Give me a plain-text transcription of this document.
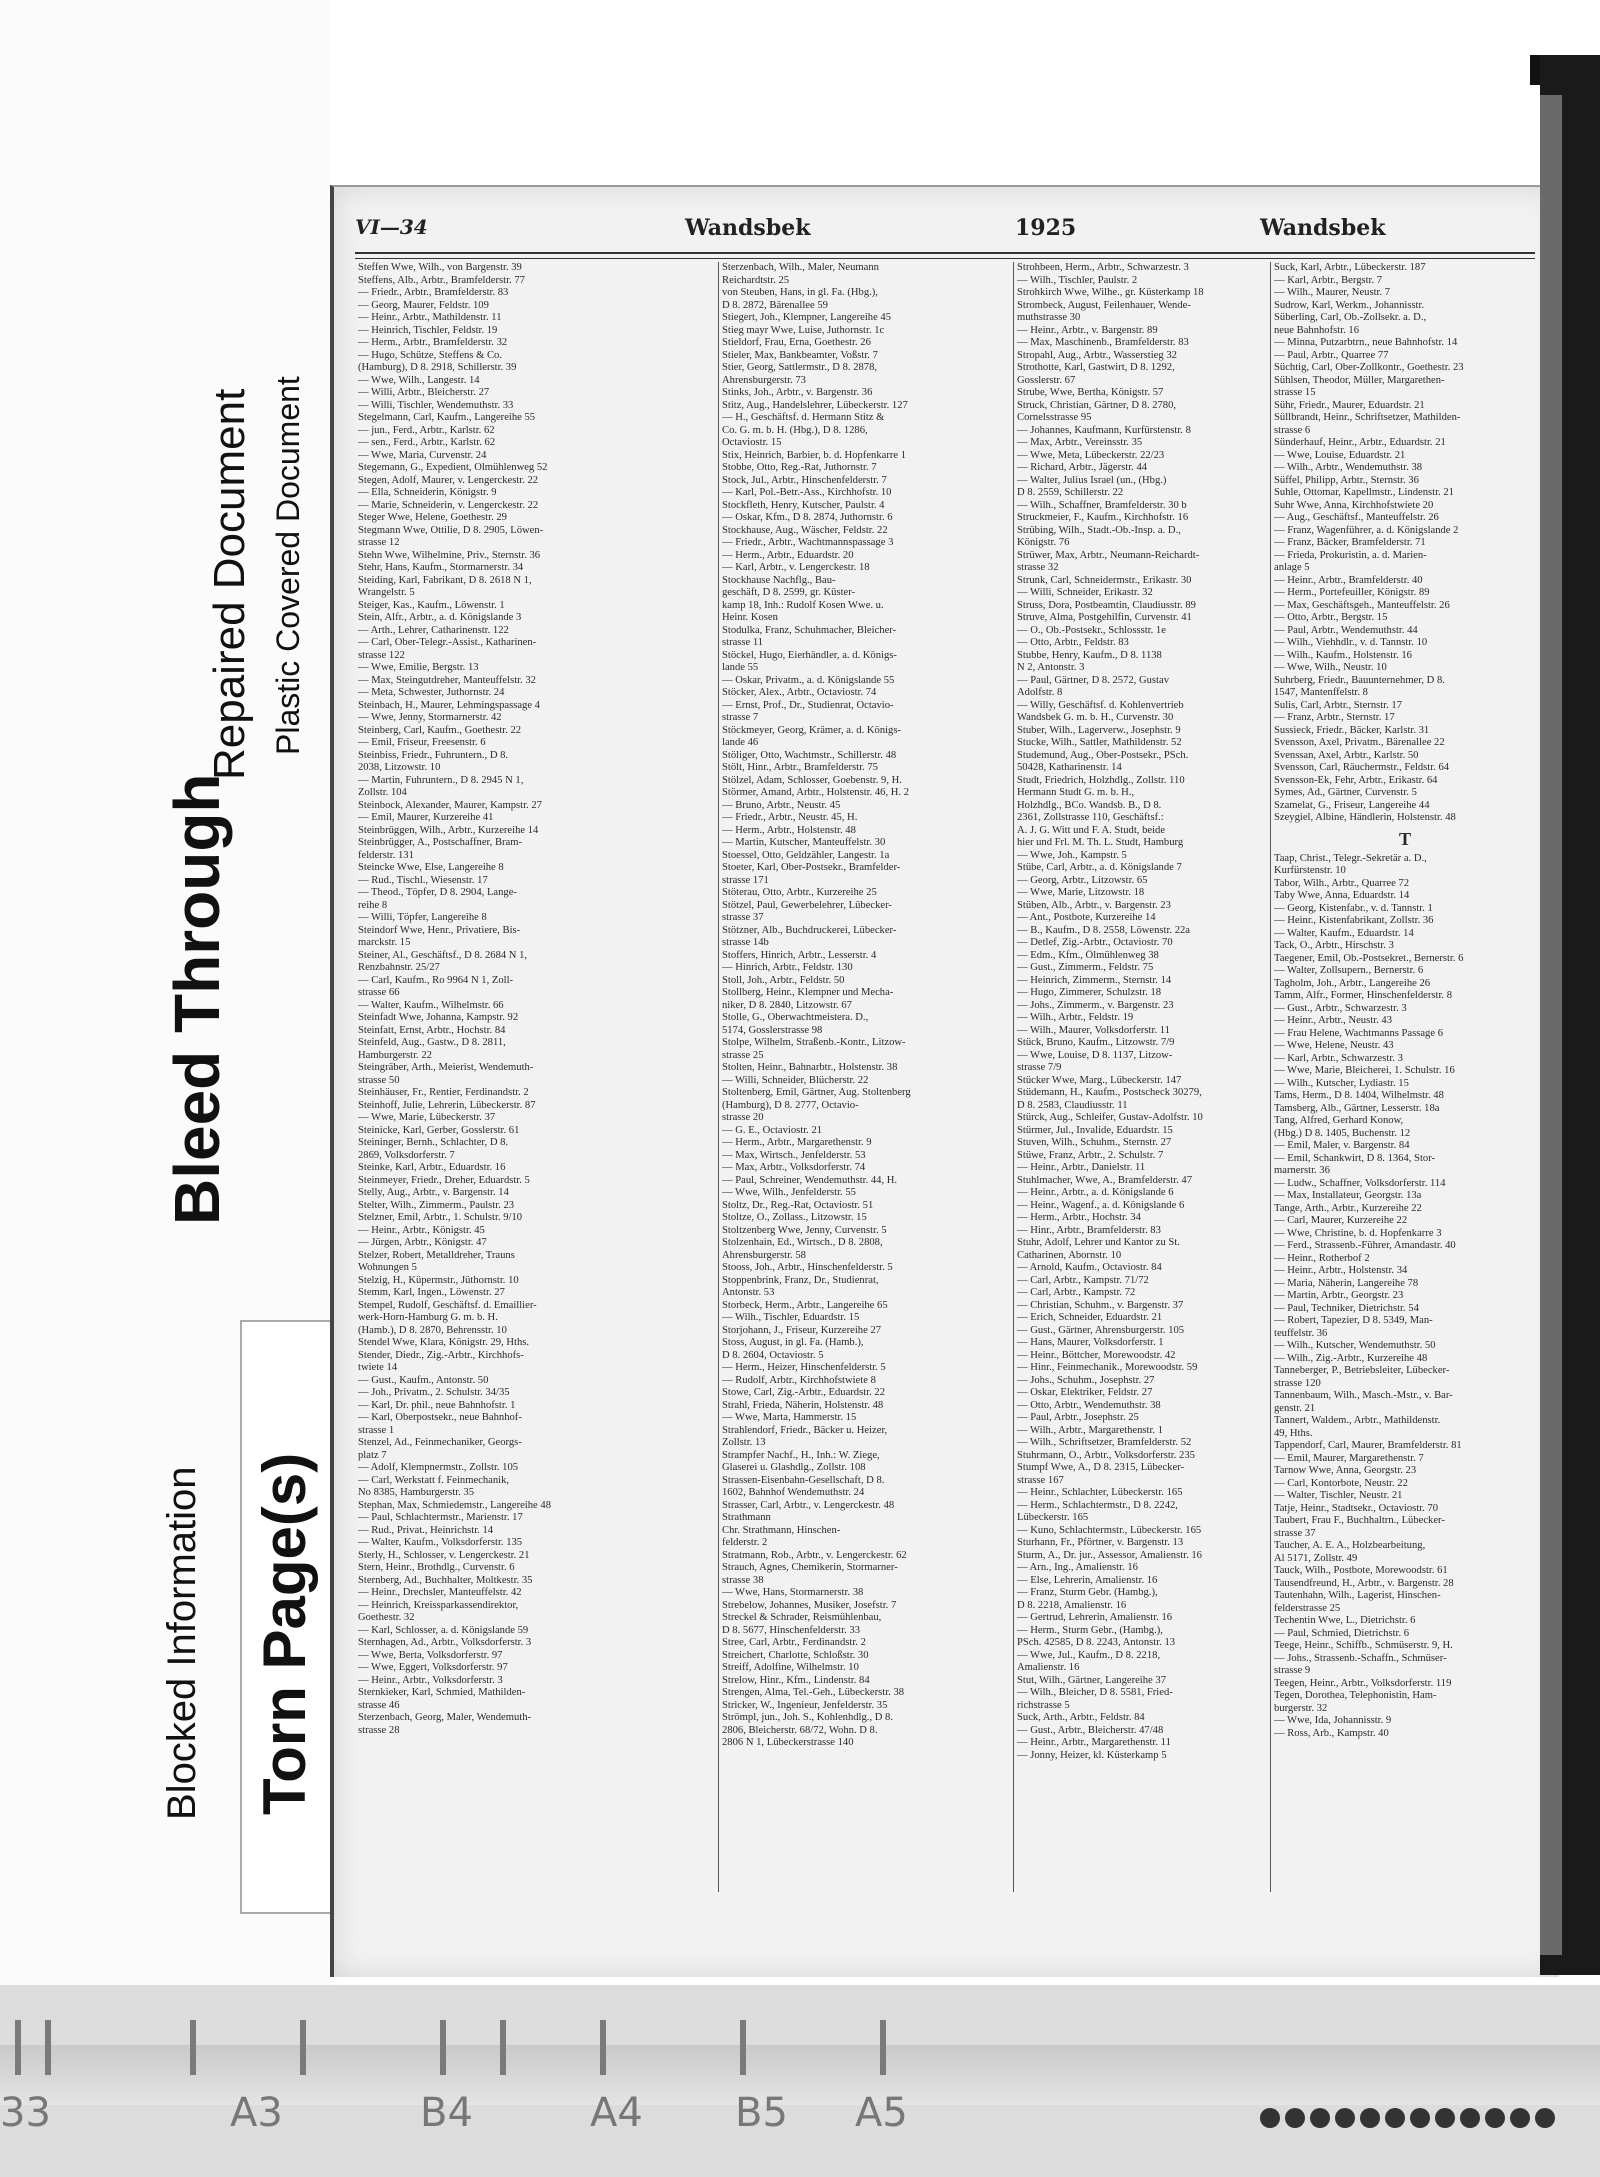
Bleed Through
Repaired Document Plastic Covered Document
Blocked Information Torn Page(s)
VI—34	Wandsbek	1925	Wandsbek
Steffen Wwe, Wilh., von Bargenstr. 39
Steffens, Alb., Arbtr., Bramfelderstr. 77
— Friedr., Arbtr., Bramfelderstr. 83
— Georg, Maurer, Feldstr. 109
— Heinr., Arbtr., Mathildenstr. 11
— Heinrich, Tischler, Feldstr. 19
— Herm., Arbtr., Bramfelderstr. 32
— Hugo, Schütze, Steffens & Co.
(Hamburg), D 8. 2918, Schillerstr. 39
— Wwe, Wilh., Langestr. 14
— Willi, Arbtr., Bleicherstr. 27
— Willi, Tischler, Wendemuthstr. 33
Stegelmann, Carl, Kaufm., Langereihe 55
— jun., Ferd., Arbtr., Karlstr. 62
— sen., Ferd., Arbtr., Karlstr. 62
— Wwe, Maria, Curvenstr. 24
Stegemann, G., Expedient, Olmühlenweg 52
Stegen, Adolf, Maurer, v. Lengerckestr. 22
— Ella, Schneiderin, Königstr. 9
— Marie, Schneiderin, v. Lengerckestr. 22
Steger Wwe, Helene, Goethestr. 29
Stegmann Wwe, Ottilie, D 8. 2905, Löwen-
strasse 12
Stehn Wwe, Wilhelmine, Priv., Sternstr. 36
Stehr, Hans, Kaufm., Stormarnerstr. 34
Steiding, Karl, Fabrikant, D 8. 2618 N 1,
Wrangelstr. 5
Steiger, Kas., Kaufm., Löwenstr. 1
Stein, Alfr., Arbtr., a. d. Königslande 3
— Arth., Lehrer, Catharinenstr. 122
— Carl, Ober-Telegr.-Assist., Katharinen-
strasse 122
— Wwe, Emilie, Bergstr. 13
— Max, Steingutdreher, Manteuffelstr. 32
— Meta, Schwester, Juthornstr. 24
Steinbach, H., Maurer, Lehmingspassage 4
— Wwe, Jenny, Stormarnerstr. 42
Steinberg, Carl, Kaufm., Goethestr. 22
— Emil, Friseur, Freesenstr. 6
Steinbiss, Friedr., Fuhruntern., D 8.
2038, Litzowstr. 10
— Martin, Fuhruntern., D 8. 2945 N 1,
Zollstr. 104
Steinbock, Alexander, Maurer, Kampstr. 27
— Emil, Maurer, Kurzereihe 41
Steinbrüggen, Wilh., Arbtr., Kurzereihe 14
Steinbrügger, A., Postschaffner, Bram-
felderstr. 131
Steincke Wwe, Else, Langereihe 8
— Rud., Tischl., Wiesenstr. 17
— Theod., Töpfer, D 8. 2904, Lange-
reihe 8
— Willi, Töpfer, Langereihe 8
Steindorf Wwe, Henr., Privatiere, Bis-
marckstr. 15
Steiner, Al., Geschäftsf., D 8. 2684 N 1,
Renzbahnstr. 25/27
— Carl, Kaufm., Ro 9964 N 1, Zoll-
strasse 66
— Walter, Kaufm., Wilhelmstr. 66
Steinfadt Wwe, Johanna, Kampstr. 92
Steinfatt, Ernst, Arbtr., Hochstr. 84
Steinfeld, Aug., Gastw., D 8. 2811,
Hamburgerstr. 22
Steingräber, Arth., Meierist, Wendemuth-
strasse 50
Steinhäuser, Fr., Rentier, Ferdinandstr. 2
Steinhoff, Julie, Lehrerin, Lübeckerstr. 87
— Wwe, Marie, Lübeckerstr. 37
Steinicke, Karl, Gerber, Gosslerstr. 61
Steininger, Bernh., Schlachter, D 8.
2869, Volksdorferstr. 7
Steinke, Karl, Arbtr., Eduardstr. 16
Steinmeyer, Friedr., Dreher, Eduardstr. 5
Stelly, Aug., Arbtr., v. Bargenstr. 14
Stelter, Wilh., Zimmerm., Paulstr. 23
Stelzner, Emil, Arbtr., 1. Schulstr. 9/10
— Heinr., Arbtr., Königstr. 45
— Jürgen, Arbtr., Königstr. 47
Stelzer, Robert, Metalldreher, Trauns
Wohnungen 5
Stelzig, H., Küpermstr., Jüthornstr. 10
Stemm, Karl, Ingen., Löwenstr. 27
Stempel, Rudolf, Geschäftsf. d. Emaillier-
werk-Horn-Hamburg G. m. b. H.
(Hamb.), D 8. 2870, Behrensstr. 10
Stendel Wwe, Klara, Königstr. 29, Hths.
Stender, Diedr., Zig.-Arbtr., Kirchhofs-
twiete 14
— Gust., Kaufm., Antonstr. 50
— Joh., Privatm., 2. Schulstr. 34/35
— Karl, Dr. phil., neue Bahnhofstr. 1
— Karl, Oberpostsekr., neue Bahnhof-
strasse 1
Stenzel, Ad., Feinmechaniker, Georgs-
platz 7
— Adolf, Klempnermstr., Zollstr. 105
— Carl, Werkstatt f. Feinmechanik,
No 8385, Hamburgerstr. 35
Stephan, Max, Schmiedemstr., Langereihe 48
— Paul, Schlachtermstr., Marienstr. 17
— Rud., Privat., Heinrichstr. 14
— Walter, Kaufm., Volksdorferstr. 135
Sterly, H., Schlosser, v. Lengerckestr. 21
Stern, Heinr., Brothdlg., Curvenstr. 6
Sternberg, Ad., Buchhalter, Moltkestr. 35
— Heinr., Drechsler, Manteuffelstr. 42
— Heinrich, Kreissparkassendirektor,
Goethestr. 32
— Karl, Schlosser, a. d. Königslande 59
Sternhagen, Ad., Arbtr., Volksdorferstr. 3
— Wwe, Berta, Volksdorferstr. 97
— Wwe, Eggert, Volksdorferstr. 97
— Heinr., Arbtr., Volksdorferstr. 3
Sternkieker, Karl, Schmied, Mathilden-
strasse 46
Sterzenbach, Georg, Maler, Wendemuth-
strasse 28
Sterzenbach, Wilh., Maler, Neumann
Reichardtstr. 25
von Steuben, Hans, in gl. Fa. (Hbg.),
D 8. 2872, Bärenallee 59
Stiegert, Joh., Klempner, Langereihe 45
Stieg mayr Wwe, Luise, Juthornstr. 1c
Stieldorf, Frau, Erna, Goethestr. 26
Stieler, Max, Bankbeamter, Voßstr. 7
Stier, Georg, Sattlermstr., D 8. 2878,
Ahrensburgerstr. 73
Stinks, Joh., Arbtr., v. Bargenstr. 36
Stitz, Aug., Handelslehrer, Lübeckerstr. 127
— H., Geschäftsf. d. Hermann Stitz &
Co. G. m. b. H. (Hbg.), D 8. 1286,
Octaviostr. 15
Stix, Heinrich, Barbier, b. d. Hopfenkarre 1
Stobbe, Otto, Reg.-Rat, Juthornstr. 7
Stock, Jul., Arbtr., Hinschenfelderstr. 7
— Karl, Pol.-Betr.-Ass., Kirchhofstr. 10
Stockfleth, Henry, Kutscher, Paulstr. 4
— Oskar, Kfm., D 8. 2874, Juthornstr. 6
Stockhause, Aug., Wäscher, Feldstr. 22
— Friedr., Arbtr., Wachtmannspassage 3
— Herm., Arbtr., Eduardstr. 20
— Karl, Arbtr., v. Lengerckestr. 18
Stockhause Nachflg., Bau-
geschäft, D 8. 2599, gr. Küster-
kamp 18, Inh.: Rudolf Kosen Wwe. u.
Heinr. Kosen
Stodulka, Franz, Schuhmacher, Bleicher-
strasse 11
Stöckel, Hugo, Eierhändler, a. d. Königs-
lande 55
— Oskar, Privatm., a. d. Königslande 55
Stöcker, Alex., Arbtr., Octaviostr. 74
— Ernst, Prof., Dr., Studienrat, Octavio-
strasse 7
Stöckmeyer, Georg, Krämer, a. d. Königs-
lande 46
Stöliger, Otto, Wachtmstr., Schillerstr. 48
Stölt, Hinr., Arbtr., Bramfelderstr. 75
Stölzel, Adam, Schlosser, Goebenstr. 9, H.
Störmer, Amand, Arbtr., Holstenstr. 46, H. 2
— Bruno, Arbtr., Neustr. 45
— Friedr., Arbtr., Neustr. 45, H.
— Herm., Arbtr., Holstenstr. 48
— Martin, Kutscher, Manteuffelstr. 30
Stoessel, Otto, Geldzähler, Langestr. 1a
Stoeter, Karl, Ober-Postsekr., Bramfelder-
strasse 171
Stöterau, Otto, Arbtr., Kurzereihe 25
Stötzel, Paul, Gewerbelehrer, Lübecker-
strasse 37
Stötzner, Alb., Buchdruckerei, Lübecker-
strasse 14b
Stoffers, Hinrich, Arbtr., Lesserstr. 4
— Hinrich, Arbtr., Feldstr. 130
Stoll, Joh., Arbtr., Feldstr. 50
Stollberg, Heinr., Klempner und Mecha-
niker, D 8. 2840, Litzowstr. 67
Stolle, G., Oberwachtmeistera. D.,
5174, Gosslerstrasse 98
Stolpe, Wilhelm, Straßenb.-Kontr., Litzow-
strasse 25
Stolten, Heinr., Bahnarbtr., Holstenstr. 38
— Willi, Schneider, Blücherstr. 22
Stoltenberg, Emil, Gärtner, Aug. Stoltenberg
(Hamburg), D 8. 2777, Octavio-
strasse 20
— G. E., Octaviostr. 21
— Herm., Arbtr., Margarethenstr. 9
— Max, Wirtsch., Jenfelderstr. 53
— Max, Arbtr., Volksdorferstr. 74
— Paul, Schreiner, Wendemuthstr. 44, H.
— Wwe, Wilh., Jenfelderstr. 55
Stoltz, Dr., Reg.-Rat, Octaviostr. 51
Stoltze, O., Zollass., Litzowstr. 15
Stoltzenberg Wwe, Jenny, Curvenstr. 5
Stolzenhain, Ed., Wirtsch., D 8. 2808,
Ahrensburgerstr. 58
Stooss, Joh., Arbtr., Hinschenfelderstr. 5
Stoppenbrink, Franz, Dr., Studienrat,
Antonstr. 53
Storbeck, Herm., Arbtr., Langereihe 65
— Wilh., Tischler, Eduardstr. 15
Storjohann, J., Friseur, Kurzereihe 27
Stoss, August, in gl. Fa. (Hamb.),
D 8. 2604, Octaviostr. 5
— Herm., Heizer, Hinschenfelderstr. 5
— Rudolf, Arbtr., Kirchhofstwiete 8
Stowe, Carl, Zig.-Arbtr., Eduardstr. 22
Strahl, Frieda, Näherin, Holstenstr. 48
— Wwe, Marta, Hammerstr. 15
Strahlendorf, Friedr., Bäcker u. Heizer,
Zollstr. 13
Strampfer Nachf., H., Inh.: W. Ziege,
Glaserei u. Glashdlg., Zollstr. 108
Strassen-Eisenbahn-Gesellschaft, D 8.
1602, Bahnhof Wendemuthstr. 24
Strasser, Carl, Arbtr., v. Lengerckestr. 48
Strathmann
Chr. Strathmann, Hinschen-
felderstr. 2
Stratmann, Rob., Arbtr., v. Lengerckestr. 62
Strauch, Agnes, Chemikerin, Stormarner-
strasse 38
— Wwe, Hans, Stormarnerstr. 38
Strebelow, Johannes, Musiker, Josefstr. 7
Streckel & Schrader, Reismühlenbau,
D 8. 5677, Hinschenfelderstr. 33
Stree, Carl, Arbtr., Ferdinandstr. 2
Streichert, Charlotte, Schloßstr. 30
Streiff, Adolfine, Wilhelmstr. 10
Strelow, Hinr., Kfm., Lindenstr. 84
Strengen, Alma, Tel.-Geh., Lübeckerstr. 38
Stricker, W., Ingenieur, Jenfelderstr. 35
Strömpl, jun., Joh. S., Kohlenhdlg., D 8.
2806, Bleicherstr. 68/72, Wohn. D 8.
2806 N 1, Lübeckerstrasse 140
Strohbeen, Herm., Arbtr., Schwarzestr. 3
— Wilh., Tischler, Paulstr. 2
Strohkirch Wwe, Wilhe., gr. Küsterkamp 18
Strombeck, August, Feilenhauer, Wende-
muthstrasse 30
— Heinr., Arbtr., v. Bargenstr. 89
— Max, Maschinenb., Bramfelderstr. 83
Stropahl, Aug., Arbtr., Wasserstieg 32
Strothotte, Karl, Gastwirt, D 8. 1292,
Gosslerstr. 67
Strube, Wwe, Bertha, Königstr. 57
Struck, Christian, Gärtner, D 8. 2780,
Cornelsstrasse 95
— Johannes, Kaufmann, Kurfürstenstr. 8
— Max, Arbtr., Vereinsstr. 35
— Wwe, Meta, Lübeckerstr. 22/23
— Richard, Arbtr., Jägerstr. 44
— Walter, Julius Israel (un., (Hbg.)
D 8. 2559, Schillerstr. 22
— Wilh., Schaffner, Bramfelderstr. 30 b
Struckmeier, F., Kaufm., Kirchhofstr. 16
Strübing, Wilh., Stadt.-Ob.-Insp. a. D.,
Königstr. 76
Strüwer, Max, Arbtr., Neumann-Reichardt-
strasse 32
Strunk, Carl, Schneidermstr., Erikastr. 30
— Willi, Schneider, Erikastr. 32
Struss, Dora, Postbeamtin, Claudiusstr. 89
Struve, Alma, Postgehilfin, Curvenstr. 41
— O., Ob.-Postsekr., Schlossstr. 1e
— Otto, Arbtr., Feldstr. 83
Stubbe, Henry, Kaufm., D 8. 1138
N 2, Antonstr. 3
— Paul, Gärtner, D 8. 2572, Gustav
Adolfstr. 8
— Willy, Geschäftsf. d. Kohlenvertrieb
Wandsbek G. m. b. H., Curvenstr. 30
Stuber, Wilh., Lagerverw., Josephstr. 9
Stucke, Wilh., Sattler, Mathildenstr. 52
Studemund, Aug., Ober-Postsekr., PSch.
50428, Katharinenstr. 14
Studt, Friedrich, Holzhdlg., Zollstr. 110
Hermann Studt G. m. b. H.,
Holzhdlg., BCo. Wandsb. B., D 8.
2361, Zollstrasse 110, Geschäftsf.:
A. J. G. Witt und F. A. Studt, beide
hier und Frl. M. Th. L. Studt, Hamburg
— Wwe, Joh., Kampstr. 5
Stübe, Carl, Arbtr., a. d. Königslande 7
— Georg, Arbtr., Litzowstr. 65
— Wwe, Marie, Litzowstr. 18
Stüben, Alb., Arbtr., v. Bargenstr. 23
— Ant., Postbote, Kurzereihe 14
— B., Kaufm., D 8. 2558, Löwenstr. 22a
— Detlef, Zig.-Arbtr., Octaviostr. 70
— Edm., Kfm., Ölmühlenweg 38
— Gust., Zimmerm., Feldstr. 75
— Heinrich, Zimmerm., Sternstr. 14
— Hugo, Zimmerer, Schulzstr. 18
— Johs., Zimmerm., v. Bargenstr. 23
— Wilh., Arbtr., Feldstr. 19
— Wilh., Maurer, Volksdorferstr. 11
Stück, Bruno, Kaufm., Litzowstr. 7/9
— Wwe, Louise, D 8. 1137, Litzow-
strasse 7/9
Stücker Wwe, Marg., Lübeckerstr. 147
Stüdemann, H., Kaufm., Postscheck 30279,
D 8. 2583, Claudiusstr. 11
Stürck, Aug., Schleifer, Gustav-Adolfstr. 10
Stürmer, Jul., Invalide, Eduardstr. 15
Stuven, Wilh., Schuhm., Sternstr. 27
Stüwe, Franz, Arbtr., 2. Schulstr. 7
— Heinr., Arbtr., Danielstr. 11
Stuhlmacher, Wwe, A., Bramfelderstr. 47
— Heinr., Arbtr., a. d. Königslande 6
— Heinr., Wagenf., a. d. Königslande 6
— Herm., Arbtr., Hochstr. 34
— Hinr., Arbtr., Bramfelderstr. 83
Stuhr, Adolf, Lehrer und Kantor zu St.
Catharinen, Abornstr. 10
— Arnold, Kaufm., Octaviostr. 84
— Carl, Arbtr., Kampstr. 71/72
— Carl, Arbtr., Kampstr. 72
— Christian, Schuhm., v. Bargenstr. 37
— Erich, Schneider, Eduardstr. 21
— Gust., Gärtner, Ahrensburgerstr. 105
— Hans, Maurer, Volksdorferstr. 1
— Heinr., Böttcher, Morewoodstr. 42
— Hinr., Feinmechanik., Morewoodstr. 59
— Johs., Schuhm., Josephstr. 27
— Oskar, Elektriker, Feldstr. 27
— Otto, Arbtr., Wendemuthstr. 38
— Paul, Arbtr., Josephstr. 25
— Wilh., Arbtr., Margarethenstr. 1
— Wilh., Schriftsetzer, Bramfelderstr. 52
Stuhrmann, O., Arbtr., Volksdorferstr. 235
Stumpf Wwe, A., D 8. 2315, Lübecker-
strasse 167
— Heinr., Schlachter, Lübeckerstr. 165
— Herm., Schlachtermstr., D 8. 2242,
Lübeckerstr. 165
— Kuno, Schlachtermstr., Lübeckerstr. 165
Sturhann, Fr., Pförtner, v. Bargenstr. 13
Sturm, A., Dr. jur., Assessor, Amalienstr. 16
— Arn., Ing., Amalienstr. 16
— Else, Lehrerin, Amalienstr. 16
— Franz, Sturm Gebr. (Hambg.),
D 8. 2218, Amalienstr. 16
— Gertrud, Lehrerin, Amalienstr. 16
— Herm., Sturm Gebr., (Hambg.),
PSch. 42585, D 8. 2243, Antonstr. 13
— Wwe, Jul., Kaufm., D 8. 2218,
Amalienstr. 16
Stut, Wilh., Gärtner, Langereihe 37
— Wilh., Bleicher, D 8. 5581, Fried-
richstrasse 5
Suck, Arth., Arbtr., Feldstr. 84
— Gust., Arbtr., Bleicherstr. 47/48
— Heinr., Arbtr., Margarethenstr. 11
— Jonny, Heizer, kl. Küsterkamp 5
Suck, Karl, Arbtr., Lübeckerstr. 187
— Karl, Arbtr., Bergstr. 7
— Wilh., Maurer, Neustr. 7
Sudrow, Karl, Werkm., Johannisstr.
Süberling, Carl, Ob.-Zollsekr. a. D.,
neue Bahnhofstr. 16
— Minna, Putzarbtrn., neue Bahnhofstr. 14
— Paul, Arbtr., Quarree 77
Süchtig, Carl, Ober-Zollkontr., Goethestr. 23
Sühlsen, Theodor, Müller, Margarethen-
strasse 15
Sühr, Friedr., Maurer, Eduardstr. 21
Süllbrandt, Heinr., Schriftsetzer, Mathilden-
strasse 6
Sünderhauf, Heinr., Arbtr., Eduardstr. 21
— Wwe, Louise, Eduardstr. 21
— Wilh., Arbtr., Wendemuthstr. 38
Süffel, Philipp, Arbtr., Sternstr. 36
Suhle, Ottomar, Kapellmstr., Lindenstr. 21
Suhr Wwe, Anna, Kirchhofstwiete 20
— Aug., Geschäftsf., Manteuffelstr. 26
— Franz, Wagenführer, a. d. Königslande 2
— Franz, Bäcker, Bramfelderstr. 71
— Frieda, Prokuristin, a. d. Marien-
anlage 5
— Heinr., Arbtr., Bramfelderstr. 40
— Herm., Portefeuiller, Königstr. 89
— Max, Geschäftsgeh., Manteuffelstr. 26
— Otto, Arbtr., Bergstr. 15
— Paul, Arbtr., Wendemuthstr. 44
— Wilh., Viehhdlr., v. d. Tannstr. 10
— Wilh., Kaufm., Holstenstr. 16
— Wwe, Wilh., Neustr. 10
Suhrberg, Friedr., Bauunternehmer, D 8.
1547, Mantenffelstr. 8
Sulis, Carl, Arbtr., Sternstr. 17
— Franz, Arbtr., Sternstr. 17
Sussieck, Friedr., Bäcker, Karlstr. 31
Svensson, Axel, Privatm., Bärenallee 22
Svenssan, Axel, Arbtr., Karlstr. 50
Svensson, Carl, Räuchermstr., Feldstr. 64
Svensson-Ek, Fehr, Arbtr., Erikastr. 64
Symes, Ad., Gärtner, Curvenstr. 5
Szamelat, G., Friseur, Langereihe 44
Szeygiel, Albine, Händlerin, Holstenstr. 48
T
Taap, Christ., Telegr.-Sekretär a. D.,
Kurfürstenstr. 10
Tabor, Wilh., Arbtr., Quarree 72
Taby Wwe, Anna, Eduardstr. 14
— Georg, Kistenfabr., v. d. Tannstr. 1
— Heinr., Kistenfabrikant, Zollstr. 36
— Walter, Kaufm., Eduardstr. 14
Tack, O., Arbtr., Hirschstr. 3
Taegener, Emil, Ob.-Postsekret., Bernerstr. 6
— Walter, Zollsupern., Bernerstr. 6
Tagholm, Joh., Arbtr., Langereihe 26
Tamm, Alfr., Former, Hinschenfelderstr. 8
— Gust., Arbtr., Schwarzestr. 3
— Heinr., Arbtr., Neustr. 43
— Frau Helene, Wachtmanns Passage 6
— Wwe, Helene, Neustr. 43
— Karl, Arbtr., Schwarzestr. 3
— Wwe, Marie, Bleicherei, 1. Schulstr. 16
— Wilh., Kutscher, Lydiastr. 15
Tams, Herm., D 8. 1404, Wilhelmstr. 48
Tamsberg, Alb., Gärtner, Lesserstr. 18a
Tang, Alfred, Gerhard Konow,
(Hbg.) D 8. 1405, Buchenstr. 12
— Emil, Maler, v. Bargenstr. 84
— Emil, Schankwirt, D 8. 1364, Stor-
marnerstr. 36
— Ludw., Schaffner, Volksdorferstr. 114
— Max, Installateur, Georgstr. 13a
Tange, Arth., Arbtr., Kurzereihe 22
— Carl, Maurer, Kurzereihe 22
— Wwe, Christine, b. d. Hopfenkarre 3
— Ferd., Strassenb.-Führer, Amandastr. 40
— Heinr., Rotherbof 2
— Heinr., Arbtr., Holstenstr. 34
— Maria, Näherin, Langereihe 78
— Martin, Arbtr., Georgstr. 23
— Paul, Techniker, Dietrichstr. 54
— Robert, Tapezier, D 8. 5349, Man-
teuffelstr. 36
— Wilh., Kutscher, Wendemuthstr. 50
— Wilh., Zig.-Arbtr., Kurzereihe 48
Tanneberger, P., Betriebsleiter, Lübecker-
strasse 120
Tannenbaum, Wilh., Masch.-Mstr., v. Bar-
genstr. 21
Tannert, Waldem., Arbtr., Mathildenstr.
49, Hths.
Tappendorf, Carl, Maurer, Bramfelderstr. 81
— Emil, Maurer, Margarethenstr. 7
Tarnow Wwe, Anna, Georgstr. 23
— Carl, Kontorbote, Neustr. 22
— Walter, Tischler, Neustr. 21
Tatje, Heinr., Stadtsekr., Octaviostr. 70
Taubert, Frau F., Buchhaltrn., Lübecker-
strasse 37
Taucher, A. E. A., Holzbearbeitung,
Al 5171, Zollstr. 49
Tauck, Wilh., Postbote, Morewoodstr. 61
Tausendfreund, H., Arbtr., v. Bargenstr. 28
Tautenhahn, Wilh., Lagerist, Hinschen-
felderstrasse 25
Techentin Wwe, L., Dietrichstr. 6
— Paul, Schmied, Dietrichstr. 6
Teege, Heinr., Schiffb., Schmüserstr. 9, H.
— Johs., Strassenb.-Schaffn., Schmüser-
strasse 9
Teegen, Heinr., Arbtr., Volksdorferstr. 119
Tegen, Dorothea, Telephonistin, Ham-
burgerstr. 32
— Wwe, Ida, Johannisstr. 9
— Ross, Arb., Kampstr. 40
33	A3	B4	A4 B5 A5
